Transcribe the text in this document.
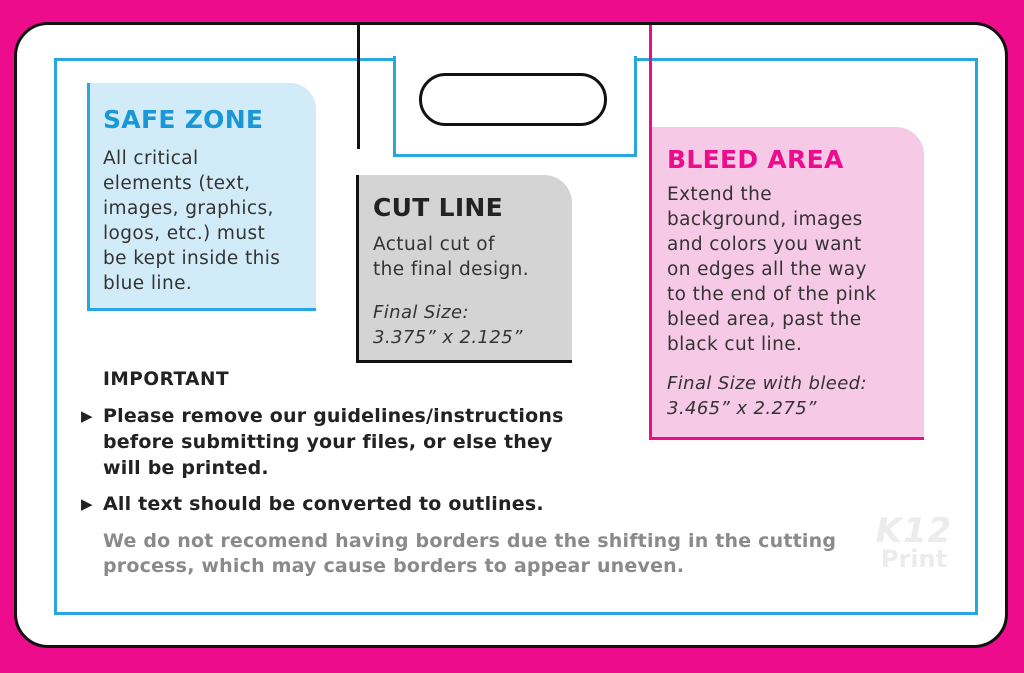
SAFE ZONE
All critical
elements (text,
images, graphics,
logos, etc.) must
be kept inside this
blue line.
CUT LINE
Actual cut of
the final design.
Final Size:
3.375” x 2.125”
BLEED AREA
Extend the
background, images
and colors you want
on edges all the way
to the end of the pink
bleed area, past the
black cut line.
Final Size with bleed:
3.465” x 2.275”
IMPORTANT
▶ Please remove our guidelines/instructions
before submitting your files, or else they
will be printed.
▶ All text should be converted to outlines.
We do not recomend having borders due the shifting in the cutting
process, which may cause borders to appear uneven.
K12
Print
